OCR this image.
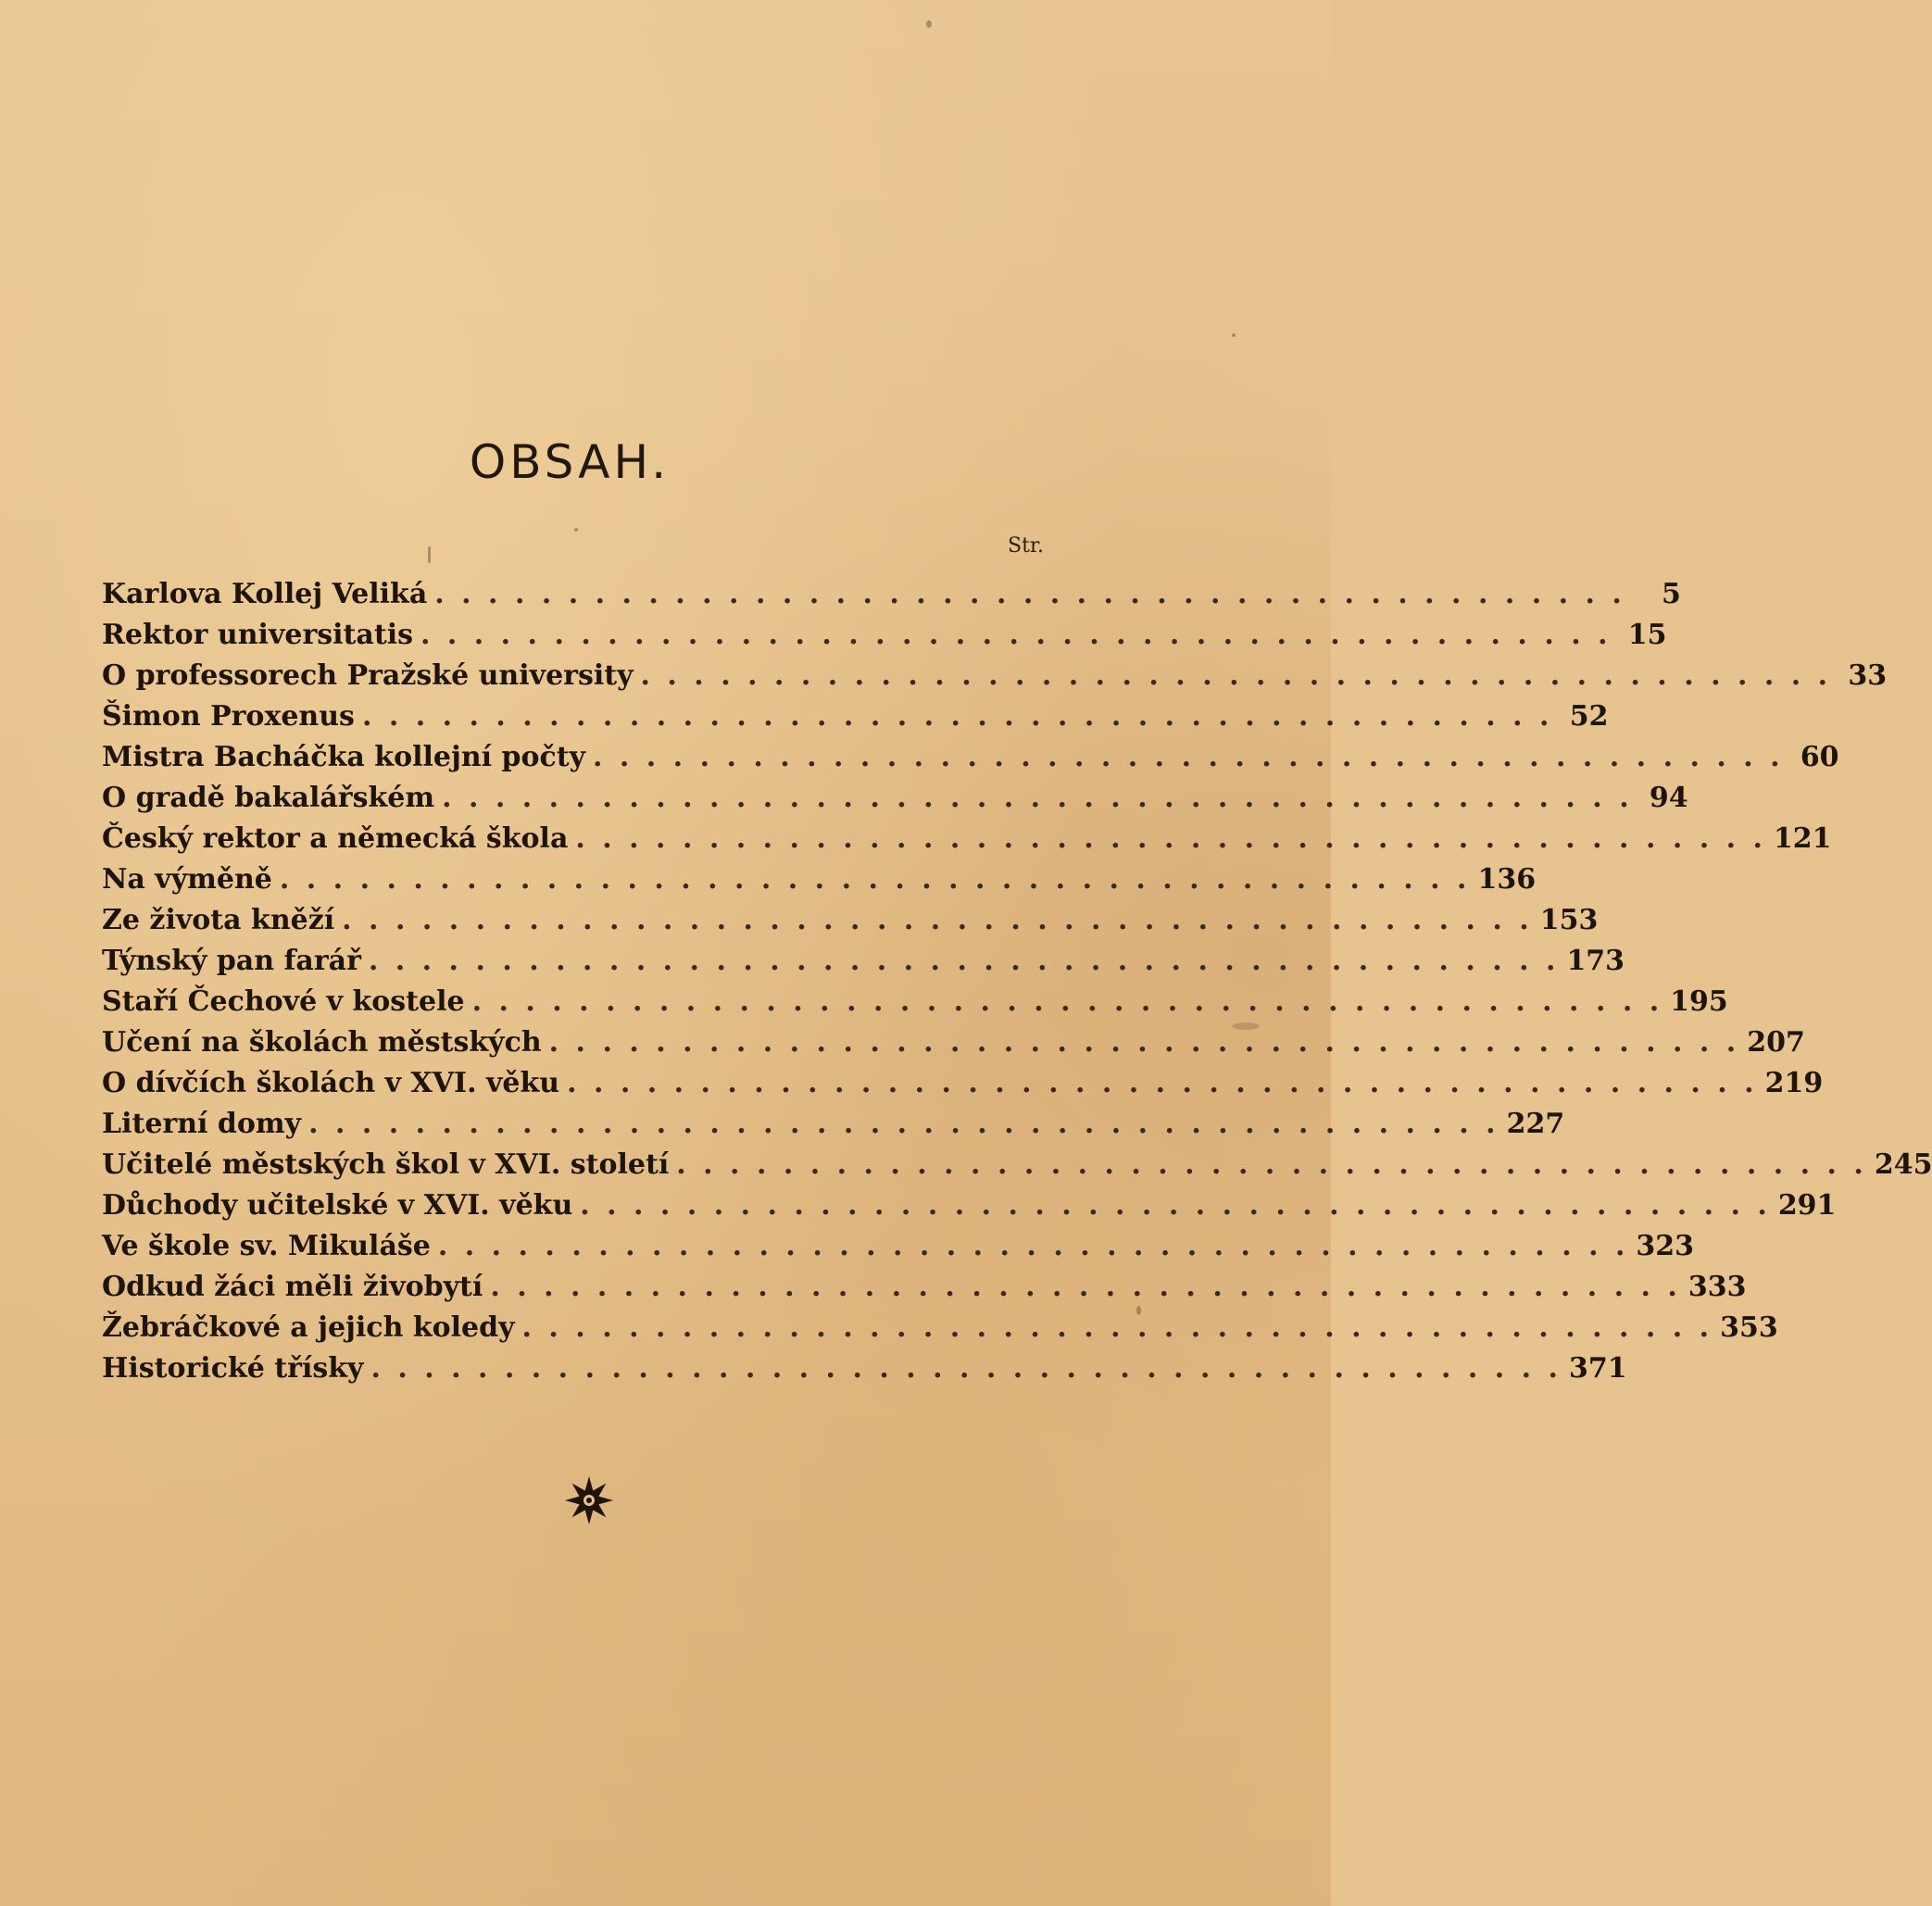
OBSAH.
Str.
Karlova Kollej Veliká . . . . . . . . . . . . . . . . . . . . . . . . . . . . . . . . . . . . . . . . . . . . .	5
Rektor universitatis . . . . . . . . . . . . . . . . . . . . . . . . . . . . . . . . . . . . . . . . . . . . . 15
O professorech Pražské university . . . . . . . . . . . . . . . . . . . . . . . . . . . . . . . . . . . . . . . . . . . . . 33
Šimon Proxenus . . . . . . . . . . . . . . . . . . . . . . . . . . . . . . . . . . . . . . . . . . . . . 52
Mistra Bacháčka kollejní počty . . . . . . . . . . . . . . . . . . . . . . . . . . . . . . . . . . . . . . . . . . . . . 60
O gradě bakalářském . . . . . . . . . . . . . . . . . . . . . . . . . . . . . . . . . . . . . . . . . . . . . 94
Český rektor a německá škola . . . . . . . . . . . . . . . . . . . . . . . . . . . . . . . . . . . . . . . . . . . . . 121
Na výměně . . . . . . . . . . . . . . . . . . . . . . . . . . . . . . . . . . . . . . . . . . . . . 136
Ze života kněží . . . . . . . . . . . . . . . . . . . . . . . . . . . . . . . . . . . . . . . . . . . . . 153
Týnský pan farář . . . . . . . . . . . . . . . . . . . . . . . . . . . . . . . . . . . . . . . . . . . . . 173
Staří Čechové v kostele . . . . . . . . . . . . . . . . . . . . . . . . . . . . . . . . . . . . . . . . . . . . . 195
Učení na školách městských . . . . . . . . . . . . . . . . . . . . . . . . . . . . . . . . . . . . . . . . . . . . . 207
O dívčích školách v XVI. věku . . . . . . . . . . . . . . . . . . . . . . . . . . . . . . . . . . . . . . . . . . . . . 219
Literní domy . . . . . . . . . . . . . . . . . . . . . . . . . . . . . . . . . . . . . . . . . . . . . 227
Učitelé městských škol v XVI. století . . . . . . . . . . . . . . . . . . . . . . . . . . . . . . . . . . . . . . . . . . . . . 245
Důchody učitelské v XVI. věku . . . . . . . . . . . . . . . . . . . . . . . . . . . . . . . . . . . . . . . . . . . . . 291
Ve škole sv. Mikuláše . . . . . . . . . . . . . . . . . . . . . . . . . . . . . . . . . . . . . . . . . . . . . 323
Odkud žáci měli živobytí . . . . . . . . . . . . . . . . . . . . . . . . . . . . . . . . . . . . . . . . . . . . . 333
Žebráčkové a jejich koledy . . . . . . . . . . . . . . . . . . . . . . . . . . . . . . . . . . . . . . . . . . . . . 353
Historické třísky . . . . . . . . . . . . . . . . . . . . . . . . . . . . . . . . . . . . . . . . . . . . . 371
